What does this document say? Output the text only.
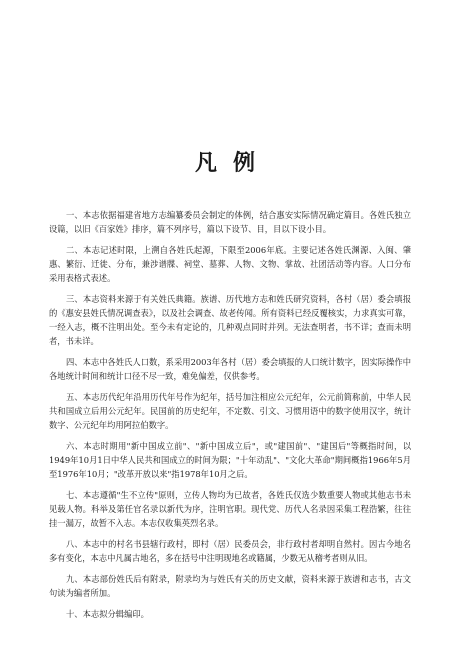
凡例

一、本志依据福建省地方志编纂委员会制定的体例，结合惠安实际情况确定篇目。各姓氏独立设篇，以旧《百家姓》排序，篇不列序号，篇以下设节、目，目以下设小目。

二、本志记述时限，上溯自各姓氏起源，下限至2006年底。主要记述各姓氏渊源、入闽、肇惠、繁衍、迁徙、分布，兼涉谱牒、祠堂、墓葬、人物、文物、掌故、社团活动等内容。人口分布采用表格式表述。

三、本志资料来源于有关姓氏典籍。族谱、历代地方志和姓氏研究资料，各村（居）委会填报的《惠安县姓氏情况调查表》，以及社会调查、故老传闻。所有资料已经反覆核实，力求真实可靠，一经入志，概不注明出处。至今未有定论的，几种观点同时并列。无法查明者，书不详；查而未明者，书未详。

四、本志中各姓氏人口数，系采用2003年各村（居）委会填报的人口统计数字，因实际操作中各地统计时间和统计口径不尽一致，难免偏差，仅供参考。

五、本志历代纪年沿用历代年号作为纪年，括号加注相应公元纪年，公元前简称前，中华人民共和国成立后用公元纪年。民国前的历史纪年，不定数、引文、习惯用语中的数字使用汉字，统计数字、公元纪年均用阿拉伯数字。

六、本志时期用"新中国成立前"、"新中国成立后"，或"建国前"、"建国后"等概指时间，以1949年10月1日中华人民共和国成立的时间为限；"十年动乱"、"文化大革命"期间概指1966年5月至1976年10月；"改革开放以来"指1978年10月之后。

七、本志遵循"生不立传"原则，立传人物均为已故者，各姓氏仅选少数重要人物或其他志书未见载人物。科举及第任官名录以新代为序，注明官职。现代党、历代人名录因采集工程浩繁，往往挂一漏万，故暂不入志。本志仅收集英烈名录。

八、本志中的村名书县辖行政村，即村（居）民委员会，非行政村者却明自然村。因古今地名多有变化，本志中凡属古地名，多在括号中注明现地名或籍属，少数无从稽考者则从旧。

九、本志部份姓氏后有附录，附录均为与姓氏有关的历史文献，资料来源于族谱和志书，古文句读为编者所加。

十、本志拟分辑编印。
